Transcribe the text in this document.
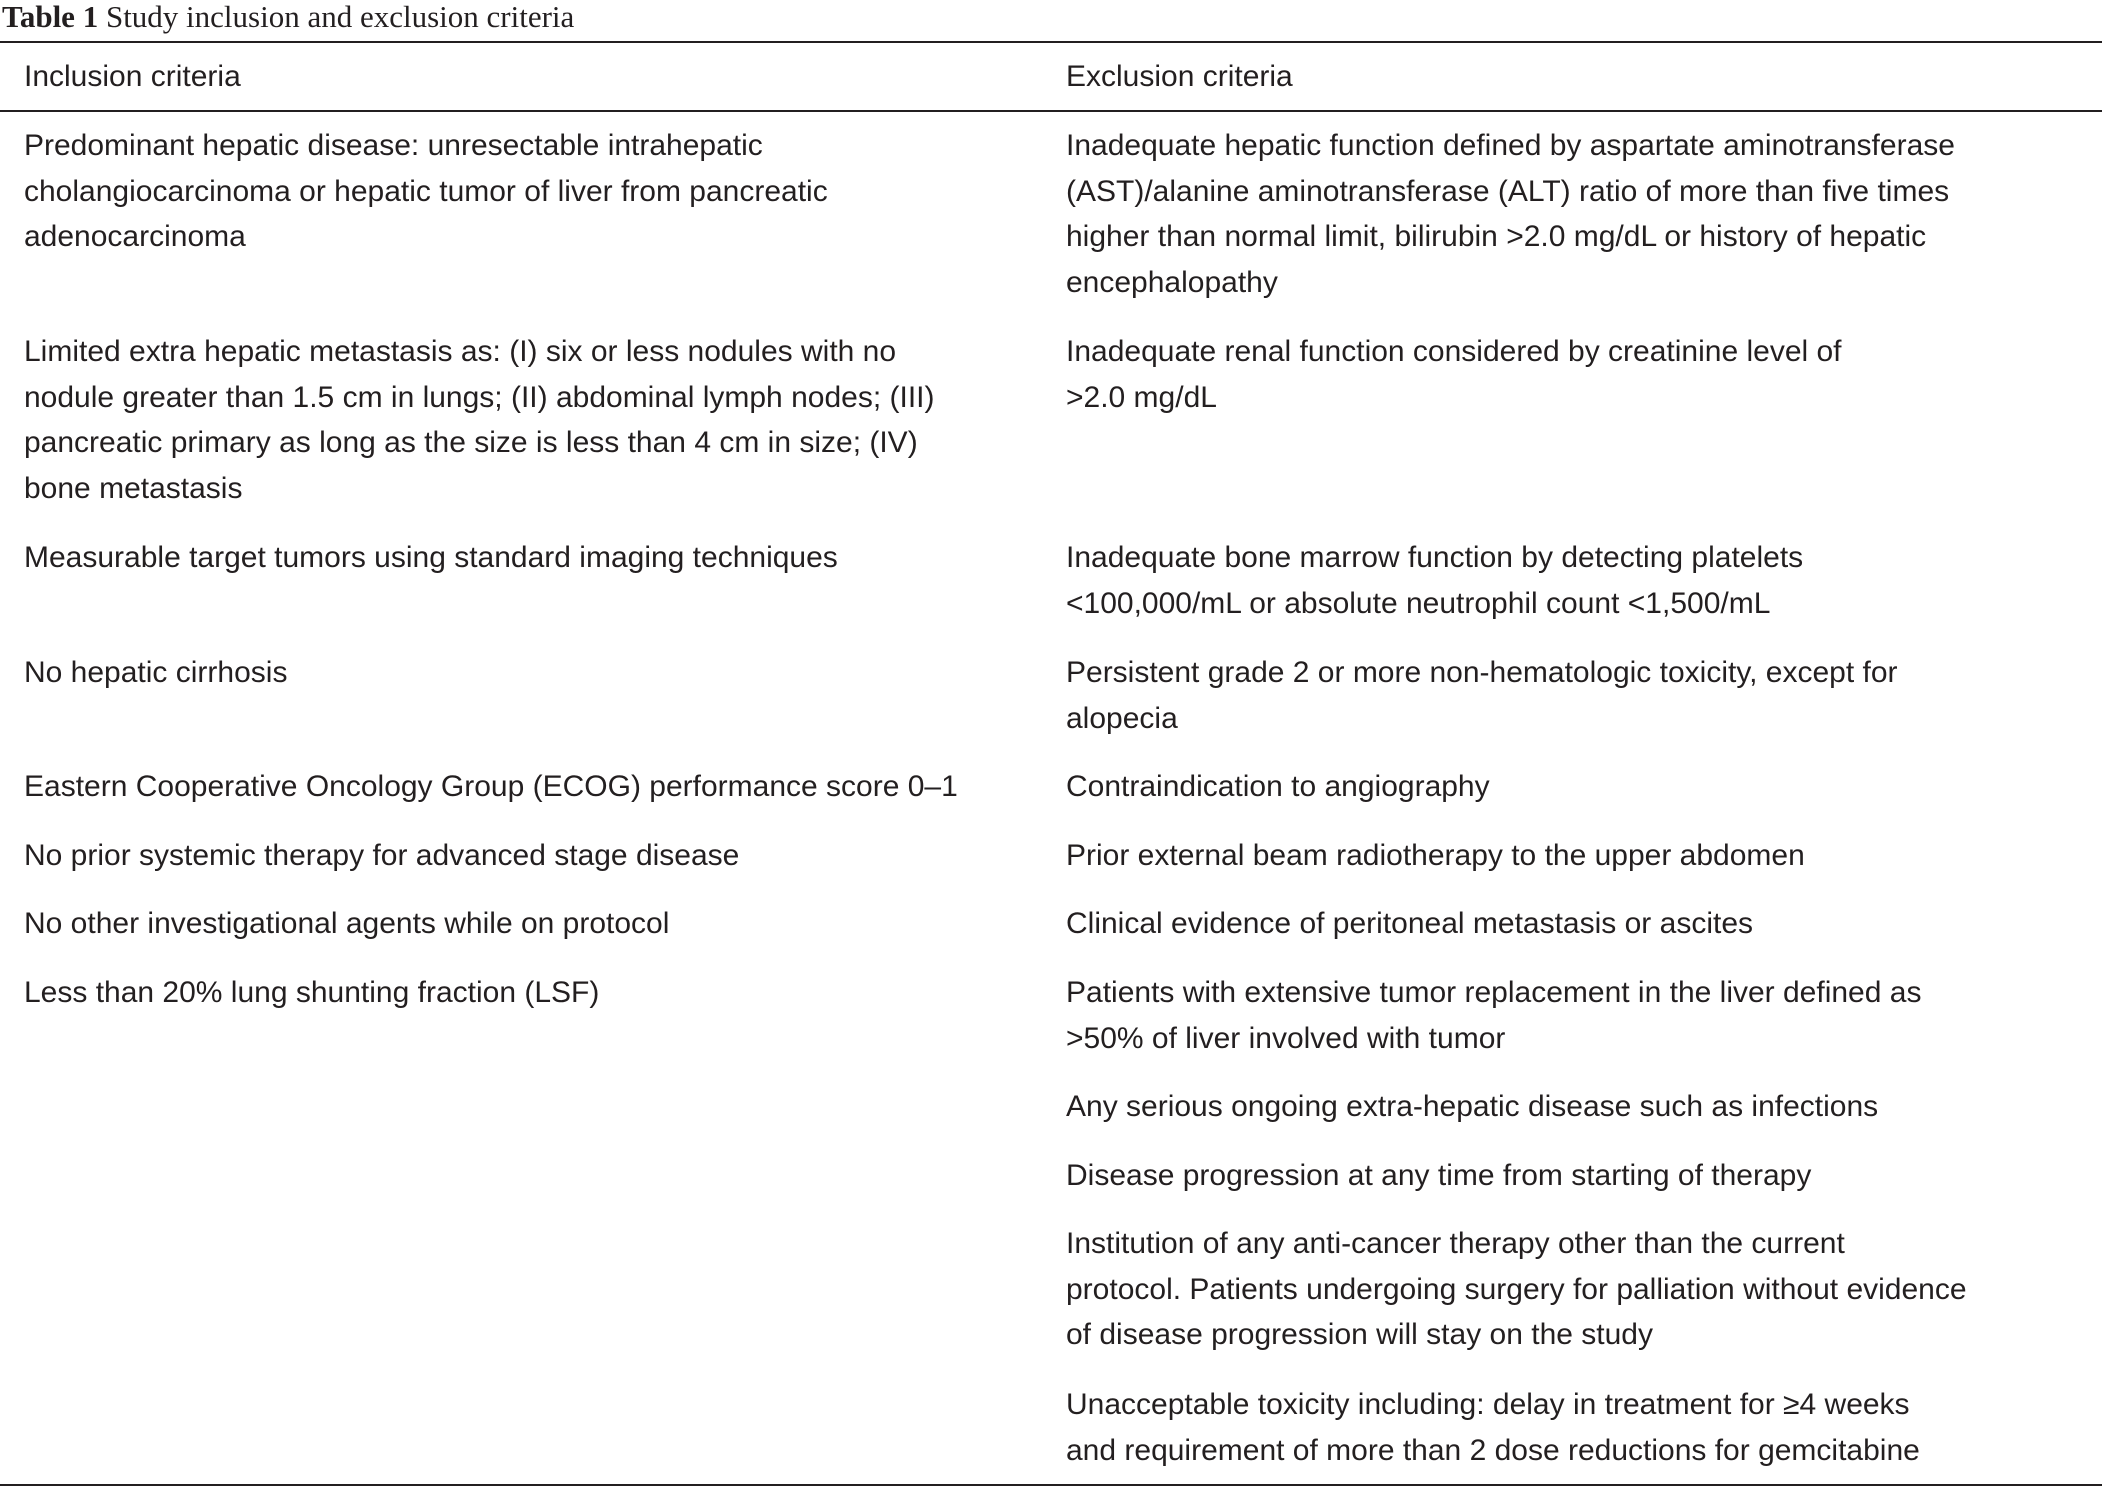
Table 1 Study inclusion and exclusion criteria
Inclusion criteria	Exclusion criteria
Predominant hepatic disease: unresectable intrahepatic
cholangiocarcinoma or hepatic tumor of liver from pancreatic
adenocarcinoma
Limited extra hepatic metastasis as: (I) six or less nodules with no
nodule greater than 1.5 cm in lungs; (II) abdominal lymph nodes; (III)
pancreatic primary as long as the size is less than 4 cm in size; (IV)
bone metastasis
Measurable target tumors using standard imaging techniques
No hepatic cirrhosis
Eastern Cooperative Oncology Group (ECOG) performance score 0–1
No prior systemic therapy for advanced stage disease
No other investigational agents while on protocol
Less than 20% lung shunting fraction (LSF)
Inadequate hepatic function defined by aspartate aminotransferase
(AST)/alanine aminotransferase (ALT) ratio of more than five times
higher than normal limit, bilirubin >2.0 mg/dL or history of hepatic
encephalopathy
Inadequate renal function considered by creatinine level of
>2.0 mg/dL
Inadequate bone marrow function by detecting platelets
<100,000/mL or absolute neutrophil count <1,500/mL
Persistent grade 2 or more non-hematologic toxicity, except for
alopecia
Contraindication to angiography
Prior external beam radiotherapy to the upper abdomen
Clinical evidence of peritoneal metastasis or ascites
Patients with extensive tumor replacement in the liver defined as
>50% of liver involved with tumor
Any serious ongoing extra-hepatic disease such as infections
Disease progression at any time from starting of therapy
Institution of any anti-cancer therapy other than the current
protocol. Patients undergoing surgery for palliation without evidence
of disease progression will stay on the study
Unacceptable toxicity including: delay in treatment for ≥4 weeks
and requirement of more than 2 dose reductions for gemcitabine
